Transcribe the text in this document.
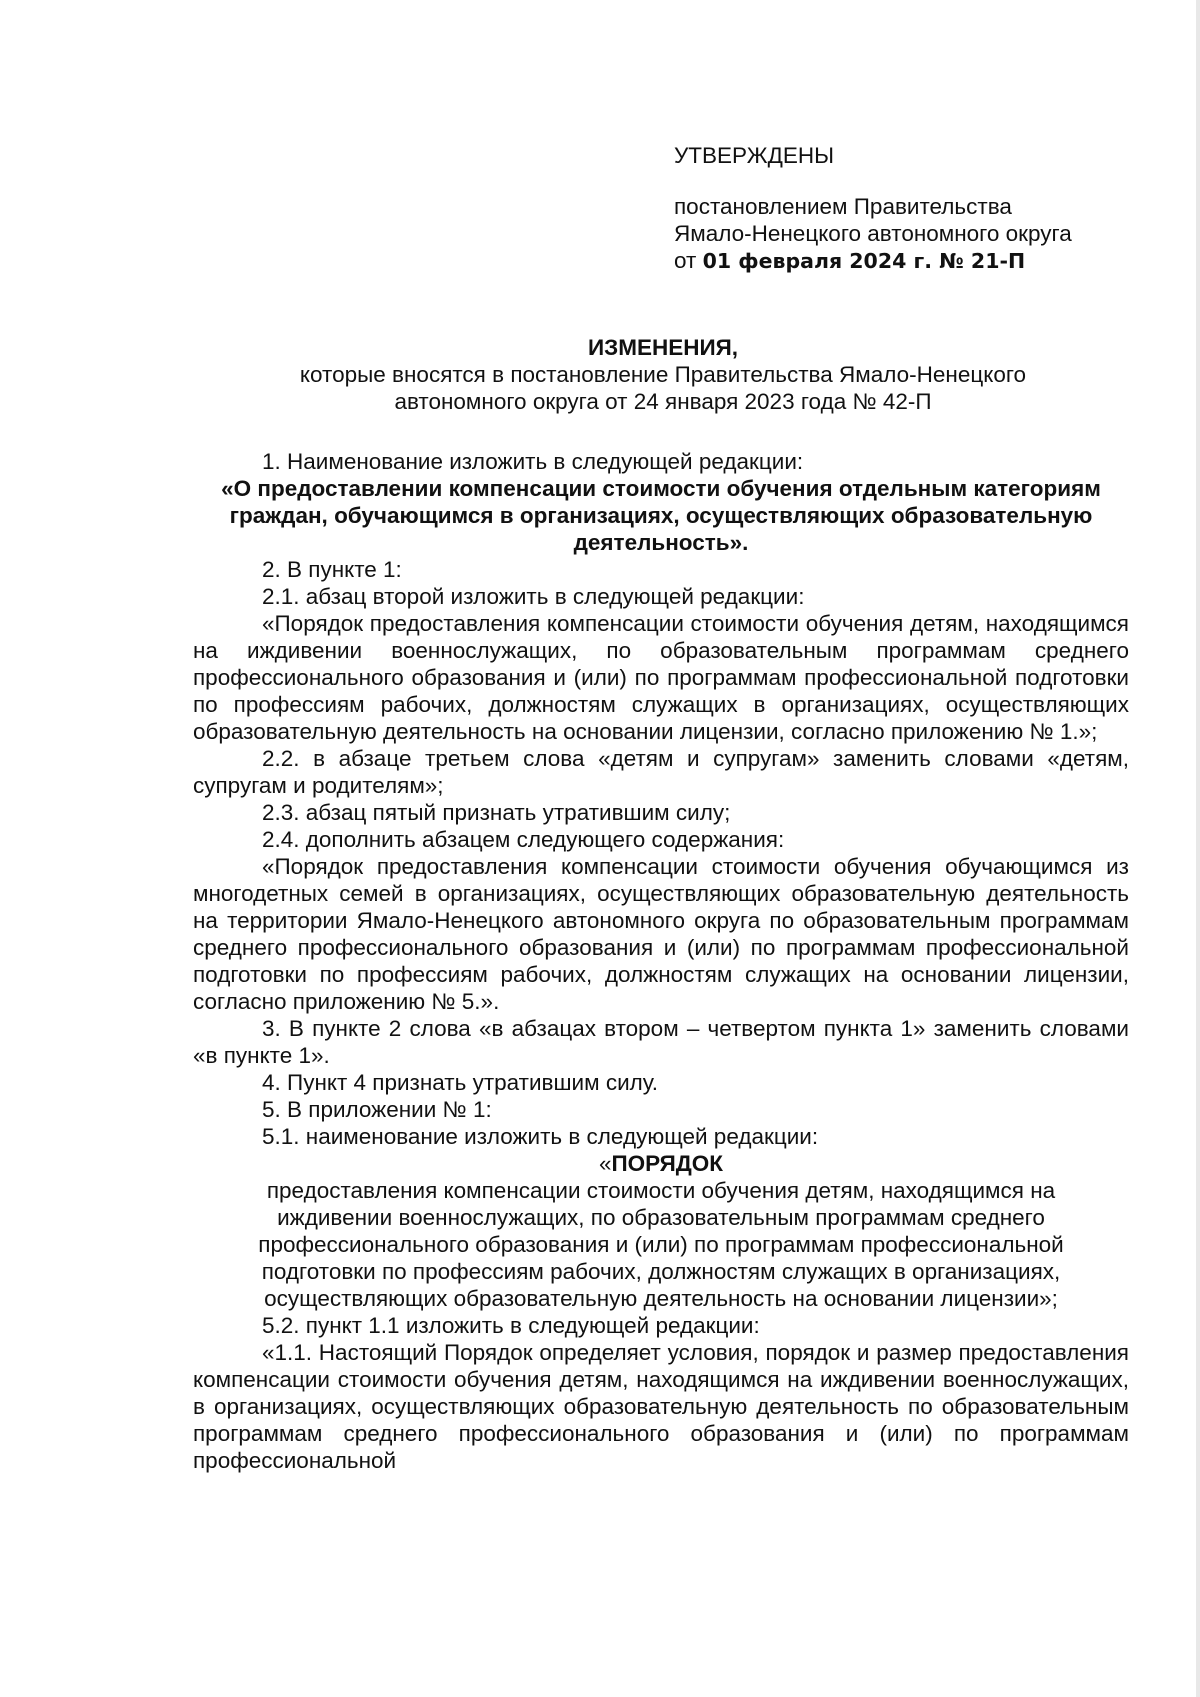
УТВЕРЖДЕНЫ
постановлением Правительства
Ямало-Ненецкого автономного округа
от 01 февраля 2024 г. № 21-П
ИЗМЕНЕНИЯ,
которые вносятся в постановление Правительства Ямало-Ненецкого
автономного округа от 24 января 2023 года № 42-П
1. Наименование изложить в следующей редакции:
«О предоставлении компенсации стоимости обучения отдельным категориям граждан, обучающимся в организациях, осуществляющих образовательную деятельность».
2. В пункте 1:
2.1. абзац второй изложить в следующей редакции:
«Порядок предоставления компенсации стоимости обучения детям, находящимся на иждивении военнослужащих, по образовательным программам среднего профессионального образования и (или) по программам профессиональной подготовки по профессиям рабочих, должностям служащих в организациях, осуществляющих образовательную деятельность на основании лицензии, согласно приложению № 1.»;
2.2. в абзаце третьем слова «детям и супругам» заменить словами «детям, супругам и родителям»;
2.3. абзац пятый признать утратившим силу;
2.4. дополнить абзацем следующего содержания:
«Порядок предоставления компенсации стоимости обучения обучающимся из многодетных семей в организациях, осуществляющих образовательную деятельность на территории Ямало-Ненецкого автономного округа по образовательным программам среднего профессионального образования и (или) по программам профессиональной подготовки по профессиям рабочих, должностям служащих на основании лицензии, согласно приложению № 5.».
3. В пункте 2 слова «в абзацах втором – четвертом пункта 1» заменить словами «в пункте 1».
4. Пункт 4 признать утратившим силу.
5. В приложении № 1:
5.1. наименование изложить в следующей редакции:
«ПОРЯДОК
предоставления компенсации стоимости обучения детям, находящимся на иждивении военнослужащих, по образовательным программам среднего профессионального образования и (или) по программам профессиональной подготовки по профессиям рабочих, должностям служащих в организациях, осуществляющих образовательную деятельность на основании лицензии»;
5.2. пункт 1.1 изложить в следующей редакции:
«1.1. Настоящий Порядок определяет условия, порядок и размер предоставления компенсации стоимости обучения детям, находящимся на иждивении военнослужащих, в организациях, осуществляющих образовательную деятельность по образовательным программам среднего профессионального образования и (или) по программам профессиональной
